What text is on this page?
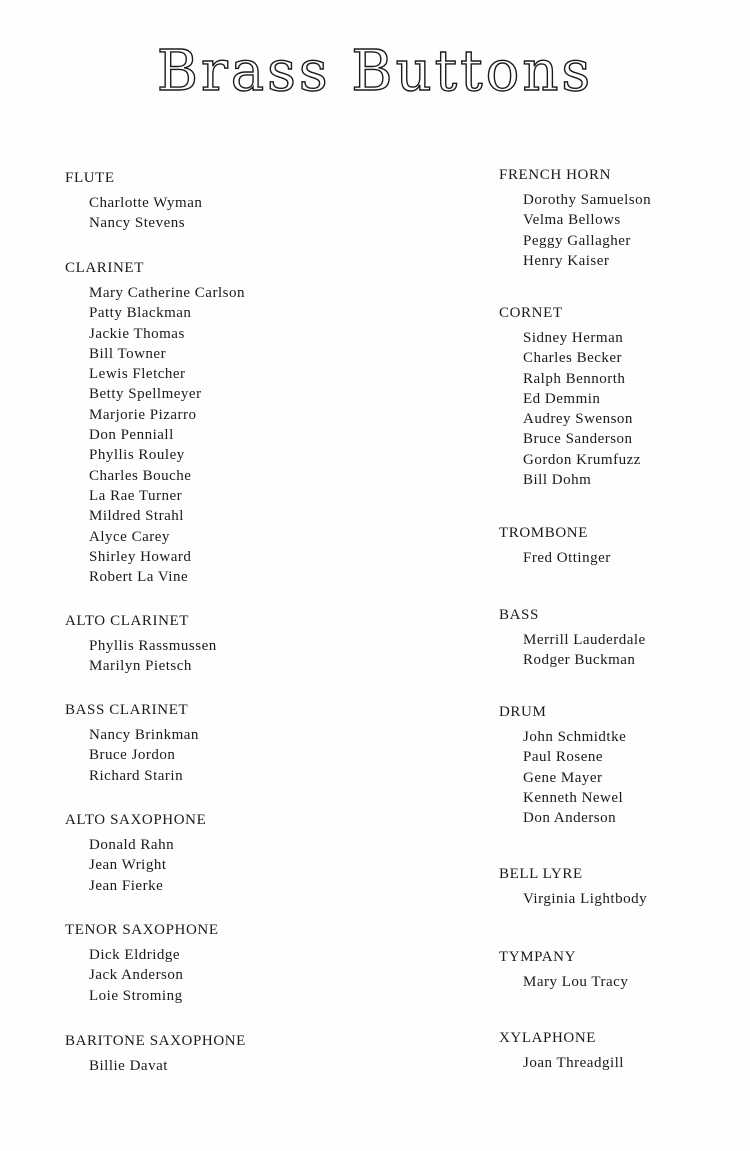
Brass Buttons
FLUTE
Charlotte Wyman
Nancy Stevens
CLARINET
Mary Catherine Carlson
Patty Blackman
Jackie Thomas
Bill Towner
Lewis Fletcher
Betty Spellmeyer
Marjorie Pizarro
Don Penniall
Phyllis Rouley
Charles Bouche
La Rae Turner
Mildred Strahl
Alyce Carey
Shirley Howard
Robert La Vine
ALTO CLARINET
Phyllis Rassmussen
Marilyn Pietsch
BASS CLARINET
Nancy Brinkman
Bruce Jordon
Richard Starin
ALTO SAXOPHONE
Donald Rahn
Jean Wright
Jean Fierke
TENOR SAXOPHONE
Dick Eldridge
Jack Anderson
Loie Stroming
BARITONE SAXOPHONE
Billie Davat
FRENCH HORN
Dorothy Samuelson
Velma Bellows
Peggy Gallagher
Henry Kaiser
CORNET
Sidney Herman
Charles Becker
Ralph Bennorth
Ed Demmin
Audrey Swenson
Bruce Sanderson
Gordon Krumfuzz
Bill Dohm
TROMBONE
Fred Ottinger
BASS
Merrill Lauderdale
Rodger Buckman
DRUM
John Schmidtke
Paul Rosene
Gene Mayer
Kenneth Newel
Don Anderson
BELL LYRE
Virginia Lightbody
TYMPANY
Mary Lou Tracy
XYLAPHONE
Joan Threadgill
